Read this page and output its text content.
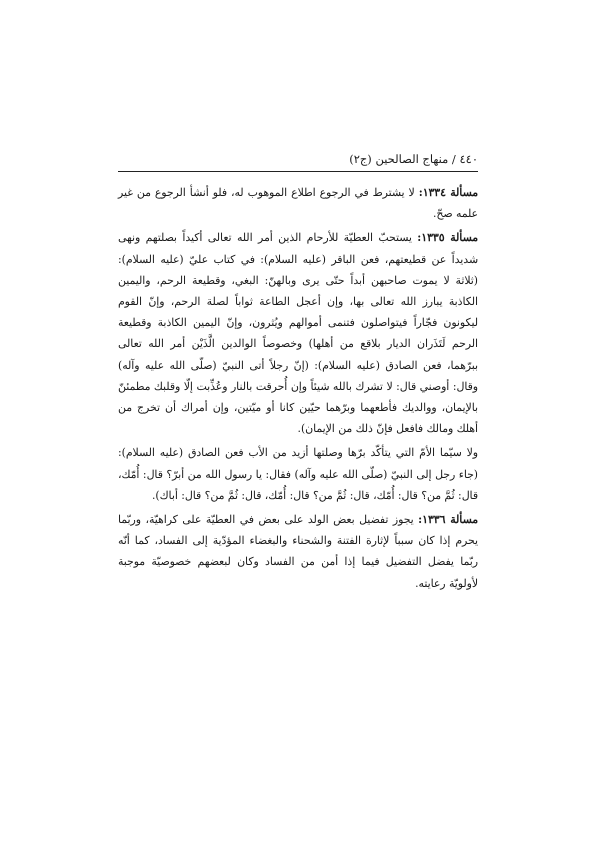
٤٤٠ / منهاج الصالحين (ج٢)

مسألة ١٣٣٤: لا يشترط في الرجوع اطلاع الموهوب له، فلو أنشأ الرجوع من غير علمه صحّ.

مسألة ١٣٣٥: يستحبّ العطيّة للأرحام الذين أمر الله تعالى أكيداً بصلتهم ونهى شديداً عن قطيعتهم، فعن الباقر (عليه السلام): في كتاب عليّ (عليه السلام): (ثلاثة لا يموت صاحبهن أبداً حتّى يرى وبالهنّ: البغي، وقطيعة الرحم، واليمين الكاذبة يبارز الله تعالى بها، وإن أعجل الطاعة ثواباً لصلة الرحم، وإنّ القوم ليكونون فجّاراً فيتواصلون فتنمى أموالهم ويُثرون، وإنّ اليمين الكاذبة وقطيعة الرحم لَتَذَران الديار بلاقع من أهلها) وخصوصاً الوالدين الَّذَيْن أمر الله تعالى ببرّهما، فعن الصادق (عليه السلام): (إنّ رجلاً أتى النبيّ (صلّى الله عليه وآله) وقال: أوصني قال: لا تشرك بالله شيئاً وإن أُحرقت بالنار وعُذِّبت إلّا وقلبك مطمئنّ بالإيمان، ووالديك فأطعهما وبرّهما حيّين كانا أو ميّتين، وإن أمراك أن تخرج من أهلك ومالك فافعل فإنّ ذلك من الإيمان).

ولا سيّما الأمّ التي يتأكّد برّها وصلتها أزيد من الأب فعن الصادق (عليه السلام): (جاء رجل إلى النبيّ (صلّى الله عليه وآله) فقال: يا رسول الله من أبرّ؟ قال: أُمّك، قال: ثُمَّ من؟ قال: أُمّك، قال: ثُمَّ من؟ قال: أُمّك، قال: ثُمَّ من؟ قال: أباك).

مسألة ١٣٣٦: يجوز تفضيل بعض الولد على بعض في العطيّة على كراهيّة، وربّما يحرم إذا كان سبباً لإثارة الفتنة والشحناء والبغضاء المؤدّية إلى الفساد، كما أنّه ربّما يفضل التفضيل فيما إذا أمن من الفساد وكان لبعضهم خصوصيّة موجبة لأولويّة رعايته.
